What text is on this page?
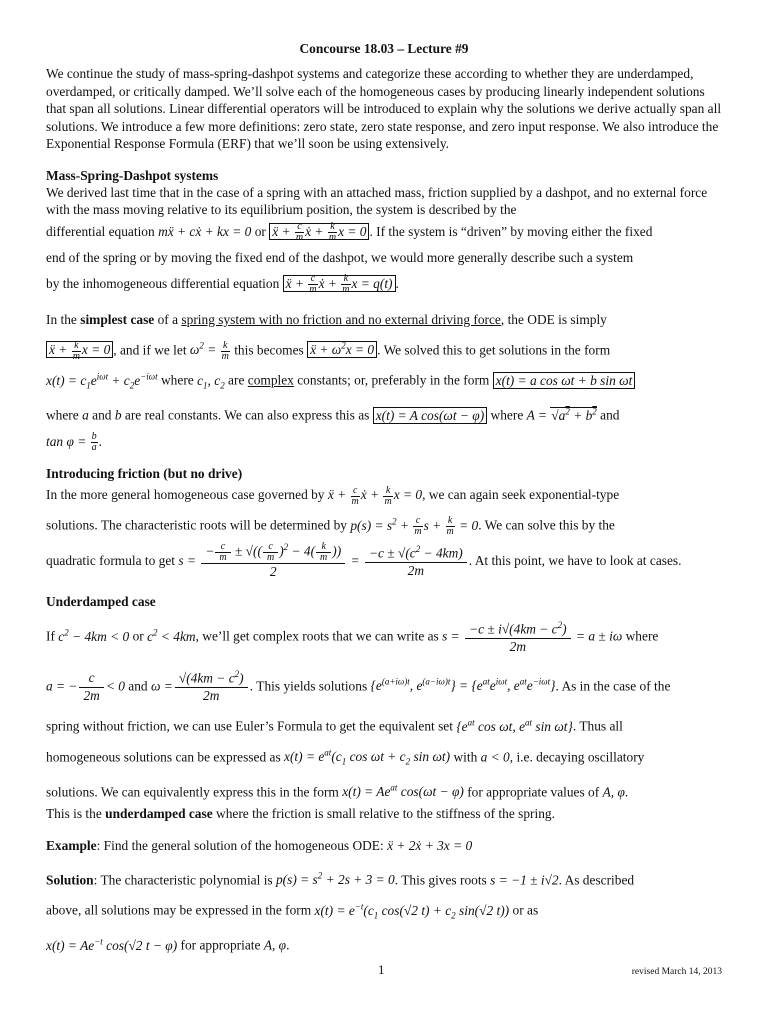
Concourse 18.03 – Lecture #9

We continue the study of mass-spring-dashpot systems and categorize these according to whether they are underdamped, overdamped, or critically damped. We’ll solve each of the homogeneous cases by producing linearly independent solutions that span all solutions. Linear differential operators will be introduced to explain why the solutions we derive actually span all solutions. We introduce a few more definitions: zero state, zero state response, and zero input response. We also introduce the Exponential Response Formula (ERF) that we’ll soon be using extensively.

Mass-Spring-Dashpot systems

We derived last time that in the case of a spring with an attached mass, friction supplied by a dashpot, and no external force with the mass moving relative to its equilibrium position, the system is described by the

differential equation mẍ + cẋ + kx = 0 or ẍ + $\frac{c}{m}$ ẋ + $\frac{k}{m}$ x = 0 . If the system is “driven” by moving either the fixed
end of the spring or by moving the fixed end of the dashpot, we would more generally describe such a system
by the inhomogeneous differential equation ẍ + $\frac{c}{m}$ ẋ + $\frac{k}{m}$ x = q(t) .
In the simplest case of a spring system with no friction and no external driving force, the ODE is simply
ẍ + $\frac{k}{m}$ x = 0 , and if we let $\omega^2 = \frac{k}{m}$ this becomes ẍ + $\omega^2x = 0$ . We solved this to get solutions in the form
$x(t) = c_1e^{i\omega t} + c_2e^{-i\omega t}$ where $c_1$, $c_2$ are complex constants; or, preferably in the form x(t) = a cos ωt + b sin ωt
where a and b are real constants. We can also express this as x(t) = A cos(ωt − φ) where $A = √a^2 + b^2$ and
$\tan \varphi = \frac{b}{a}$ .
Introducing friction (but no drive)
In the more general homogeneous case governed by ẍ + $\frac{c}{m}$ ẋ + $\frac{k}{m}$ x = 0, we can again seek exponential-type
solutions. The characteristic roots will be determined by $p(s) = s^2 + \frac{c}{m}$ $s + \frac{k}{m} = 0$. We can solve this by the
quadratic formula to get $s = \frac{- \frac{c}{m} \pm √(( \frac{c}{m} )^2 - 4( \frac{k}{m} ))}{2} = \frac{-c \pm √(c^2 - 4km)}{2m}$ . At this point, we have to look at cases.
Underdamped case
If $c^2 - 4km < 0$ or $c^2 < 4km$, we’ll get complex roots that we can write as $s = \frac{-c \pm i√(4km - c^2)}{2m} = a \pm i\omega$ where
a = − $\frac{c}{2m} < 0$ and $\omega = \frac{√(4km - c^2)}{2m}$ . This yields solutions {$e^{(a+i\omega)t}$, $e^{(a-i\omega)t}\} = \{e^{at}e^{i\omega t}$, $e^{at}e^{-i\omega t}$}. As in the case of the
spring without friction, we can use Euler’s Formula to get the equivalent set {$e^{at}$ cos ωt, $e^{at}$ sin ωt}. Thus all
homogeneous solutions can be expressed as $x(t) = e^{at}(c_1$ $\cos \omega t + c_2$ sin ωt) with a < 0, i.e. decaying oscillatory
solutions. We can equivalently express this in the form $x(t) = Ae^{at}$ cos(ωt − φ) for appropriate values of A, φ.

This is the underdamped case where the friction is small relative to the stiffness of the spring.

Example: Find the general solution of the homogeneous ODE: ẍ + 2ẋ + 3x = 0
Solution: The characteristic polynomial is $p(s) = s^2 + 2s + 3 = 0$. This gives roots s = −1 ± i√2. As described
above, all solutions may be expressed in the form $x(t) = e^{-t}(c_1$ cos(√2 $t) + c_2$ sin(√2 t)) or as
$x(t) = Ae^{-t}$ cos(√2 t − φ) for appropriate A, φ.
1	revised March 14, 2013
